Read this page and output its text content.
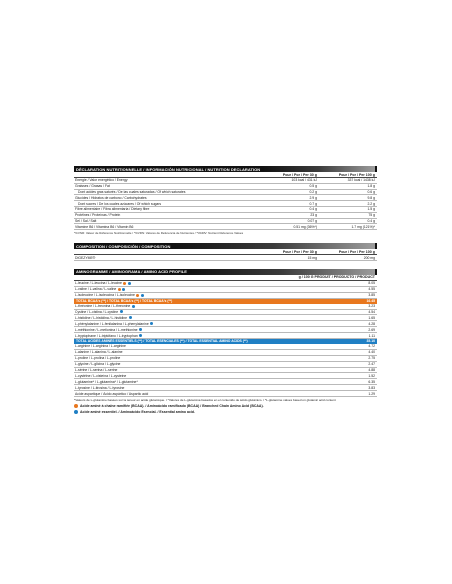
DÉCLARATION NUTRITIONNELLE / INFORMACIÓN NUTRICIONAL / NUTRITION DECLARATION
Pour / Por / Per 30 g	Pour / Por / Per 100 g
Énergie / Valor energético / Energy	103 kcal / 431 kJ	337 kcal / 1438 kJ
Graisses / Grasas / Fat	0.5 g	1.8 g
Dont acides gras saturés / De las cuales saturadas / Of which saturates	0.2 g	0.6 g
Glucides / Hidratos de carbono / Carbohydrates	2.9 g	9.8 g
Dont sucres / De los cuales azúcares / Of which sugars	0.7 g	2.2 g
Fibre alimentaire / Fibra alimentaria / Dietary fibre	0.4 g	1.5 g
Protéines / Proteínas / Protein	23 g	75 g
Sel / Sal / Salt	0.07 g	0.4 g
Vitamine B6 / Vitamina B6 / Vitamin B6	0.51 mg (36%*)	1.7 mg (121%)*
*%VNR: Valeur de Référence Nutritionnelle / *%VRN: Valores de Referencia de Nutrientes / *%NRV: Nutrient Reference Values
COMPOSITION / COMPOSICIÓN / COMPOSITION
Pour / Por / Per 30 g	Pour / Por / Per 100 g
DIGEZYME®	15 mg	200 mg
AMINOGRAMME / AMINOGRAMA / AMINO ACID PROFILE
g / 100 G PRODUIT / PRODUCTO / PRODUCT
L-leucine / L-leucina / L-leucine	8.05
L-valine / L-valina / L-valine	4.55
L-isoleucine / L-isoleucina / L-isoleucine	3.85
TOTAL BCAA's (**) / TOTAL BCAA's (**) / TOTAL BCAA's (**)	16.45
L-thréonine / L-treonina / L-threonine	3.23
Cystine / L-cistina / L-cystine	4.54
L-histidine / L-histidina / L-histidine	1.65
L-phénylalanine / L-fenilalanina / L-phenylalanine	4.28
L-méthionine / L-metionina / L-methionine	2.69
L-tryptophane / L-triptófano / L-tryptophan	1.11
TOTAL ACIDES AMINÉS ESSENTIELS (**) / TOTAL ESENCIALES (**) / TOTAL ESSENTIAL AMINO ACIDS (**)	35.10
L-arginine / L-arginina / L-arginine	4.72
L-alanine / L-alanina / L-alanine	4.40
L-proline / L-prolina / L-proline	2.75
L-glycine / L-glicina / L-glycine	2.47
L-sérine / L-serina / L-serine	4.88
L-cystéine / L-cisteína / L-cysteine	1.52
L-glutamine* / L-glutamina* / L-glutamine*	6.35
L-tyrosine / L-tirosina / L-tyrosine	3.83
Acide aspartique / Ácido aspártico / Aspartic acid	1.29
*Valeurs de L-glutamine basées sur la teneur en acide glutamique. / *Valores de L-glutamina basados en el contenido de ácido glutámico. / *L-glutamine values based on glutamic acid content
Acide aminé à chaîne ramifiée (BCAA). / Aminoácido ramificado (BCAA) / Branched Chain Amino Acid (BCAA).
Acide aminé essentiel. / Aminoácido Esencial. / Essential amino acid.
